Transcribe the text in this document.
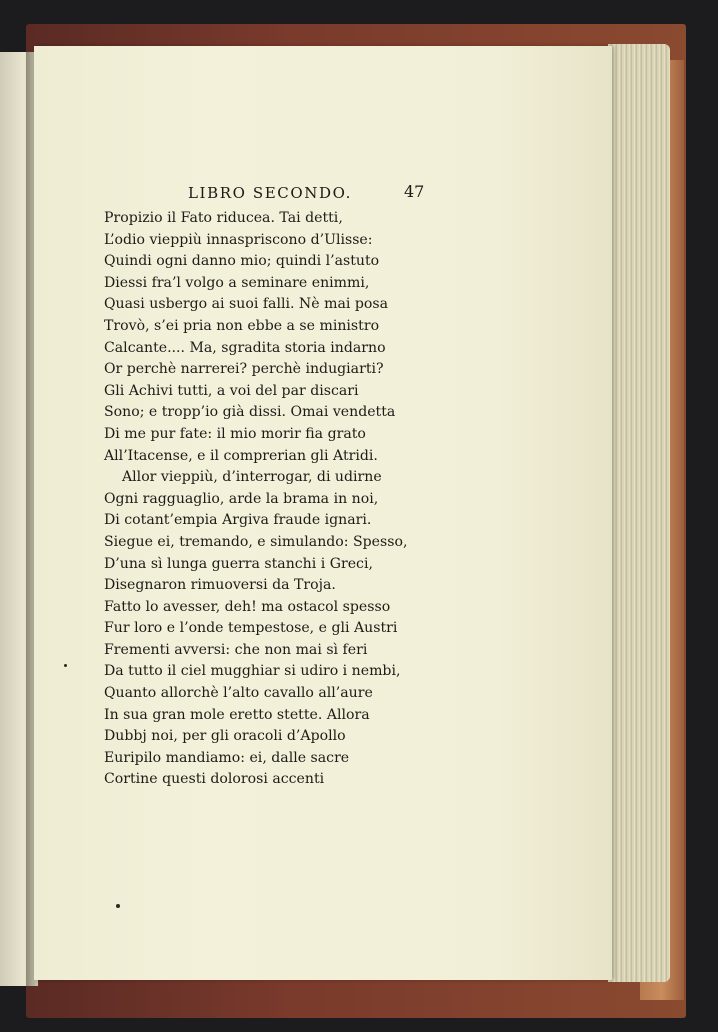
LIBRO SECONDO.	47
Propizio il Fato riducea. Tai detti,
L’odio vieppiù innaspriscono d’Ulisse:
Quindi ogni danno mio; quindi l’astuto
Diessi fra’l volgo a seminare enimmi,
Quasi usbergo ai suoi falli. Nè mai posa
Trovò, s’ei pria non ebbe a se ministro
Calcante.... Ma, sgradita storia indarno
Or perchè narrerei? perchè indugiarti?
Gli Achivi tutti, a voi del par discari
Sono; e tropp’io già dissi. Omai vendetta
Di me pur fate: il mio morir fia grato
All’Itacense, e il comprerian gli Atridi.
Allor vieppiù, d’interrogar, di udirne
Ogni ragguaglio, arde la brama in noi,
Di cotant’empia Argiva fraude ignari.
Siegue ei, tremando, e simulando: Spesso,
D’una sì lunga guerra stanchi i Greci,
Disegnaron rimuoversi da Troja.
Fatto lo avesser, deh! ma ostacol spesso
Fur loro e l’onde tempestose, e gli Austri
Frementi avversi: che non mai sì feri
Da tutto il ciel mugghiar si udiro i nembi,
Quanto allorchè l’alto cavallo all’aure
In sua gran mole eretto stette. Allora
Dubbj noi, per gli oracoli d’Apollo
Euripilo mandiamo: ei, dalle sacre
Cortine questi dolorosi accenti
